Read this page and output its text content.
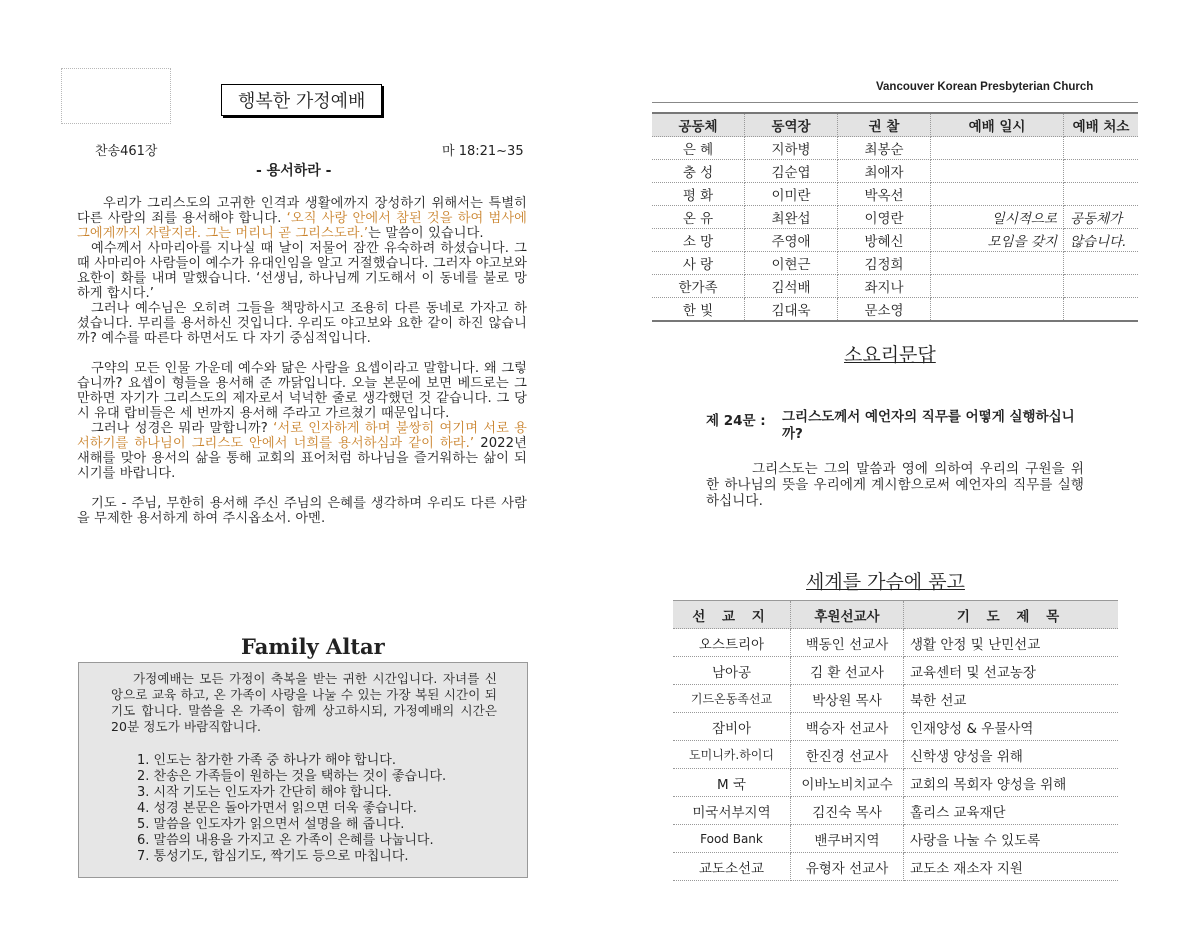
행복한 가정예배
찬송461장	마 18:21~35
- 용서하라 -
우리가 그리스도의 고귀한 인격과 생활에까지 장성하기 위해서는 특별히 다른 사람의 죄를 용서해야 합니다. ‘오직 사랑 안에서 참된 것을 하여 범사에 그에게까지 자랄지라. 그는 머리니 곧 그리스도라.’는 말씀이 있습니다.
예수께서 사마리아를 지나실 때 날이 저물어 잠깐 유숙하려 하셨습니다. 그때 사마리아 사람들이 예수가 유대인임을 알고 거절했습니다. 그러자 야고보와 요한이 화를 내며 말했습니다. ‘선생님, 하나님께 기도해서 이 동네를 불로 망하게 합시다.’
그러나 예수님은 오히려 그들을 책망하시고 조용히 다른 동네로 가자고 하셨습니다. 무리를 용서하신 것입니다. 우리도 야고보와 요한 같이 하진 않습니까? 예수를 따른다 하면서도 다 자기 중심적입니다.
구약의 모든 인물 가운데 예수와 닮은 사람을 요셉이라고 말합니다. 왜 그렇습니까? 요셉이 형들을 용서해 준 까닭입니다. 오늘 본문에 보면 베드로는 그만하면 자기가 그리스도의 제자로서 넉넉한 줄로 생각했던 것 같습니다. 그 당시 유대 랍비들은 세 번까지 용서해 주라고 가르쳤기 때문입니다.
그러나 성경은 뭐라 말합니까? ‘서로 인자하게 하며 불쌍히 여기며 서로 용서하기를 하나님이 그리스도 안에서 너희를 용서하심과 같이 하라.’ 2022년 새해를 맞아 용서의 삶을 통해 교회의 표어처럼 하나님을 즐거워하는 삶이 되시기를 바랍니다.
기도 - 주님, 무한히 용서해 주신 주님의 은혜를 생각하며 우리도 다른 사람을 무제한 용서하게 하여 주시옵소서. 아멘.
Family Altar
가정예배는 모든 가정이 축복을 받는 귀한 시간입니다. 자녀를 신앙으로 교육 하고, 온 가족이 사랑을 나눌 수 있는 가장 복된 시간이 되기도 합니다. 말씀을 온 가족이 함께 상고하시되, 가정예배의 시간은 20분 정도가 바람직합니다.
1. 인도는 참가한 가족 중 하나가 해야 합니다.
2. 찬송은 가족들이 원하는 것을 택하는 것이 좋습니다.
3. 시작 기도는 인도자가 간단히 해야 합니다.
4. 성경 본문은 돌아가면서 읽으면 더욱 좋습니다.
5. 말씀을 인도자가 읽으면서 설명을 해 줍니다.
6. 말씀의 내용을 가지고 온 가족이 은혜를 나눕니다.
7. 통성기도, 합심기도, 짝기도 등으로 마칩니다.
Vancouver Korean Presbyterian Church
공동체	동역장	권 찰	예배 일시	예배 처소
은 혜	지하병	최봉순		
충 성	김순엽	최애자		
평 화	이미란	박옥선		
온 유	최완섭	이영란	일시적으로	공동체가
소 망	주영애	방혜신	모임을 갖지	않습니다.
사 랑	이현근	김정희		
한가족	김석배	좌지나		
한 빛	김대욱	문소영		
소요리문답
제 24문 : 그리스도께서 예언자의 직무를 어떻게 실행하십니까?
그리스도는 그의 말씀과 영에 의하여 우리의 구원을 위한 하나님의 뜻을 우리에게 계시함으로써 예언자의 직무를 실행하십니다.
세계를 가슴에 품고
선 교 지	후원선교사	기 도 제 목
오스트리아	백동인 선교사	생활 안정 및 난민선교
남아공	김 환 선교사	교육센터 및 선교농장
기드온동족선교	박상원 목사	북한 선교
잠비아	백승자 선교사	인재양성 & 우물사역
도미니카.하이디	한진경 선교사	신학생 양성을 위해
M 국	이바노비치교수	교회의 목회자 양성을 위해
미국서부지역	김진숙 목사	홀리스 교육재단
Food Bank	밴쿠버지역	사랑을 나눌 수 있도록
교도소선교	유형자 선교사	교도소 재소자 지원
